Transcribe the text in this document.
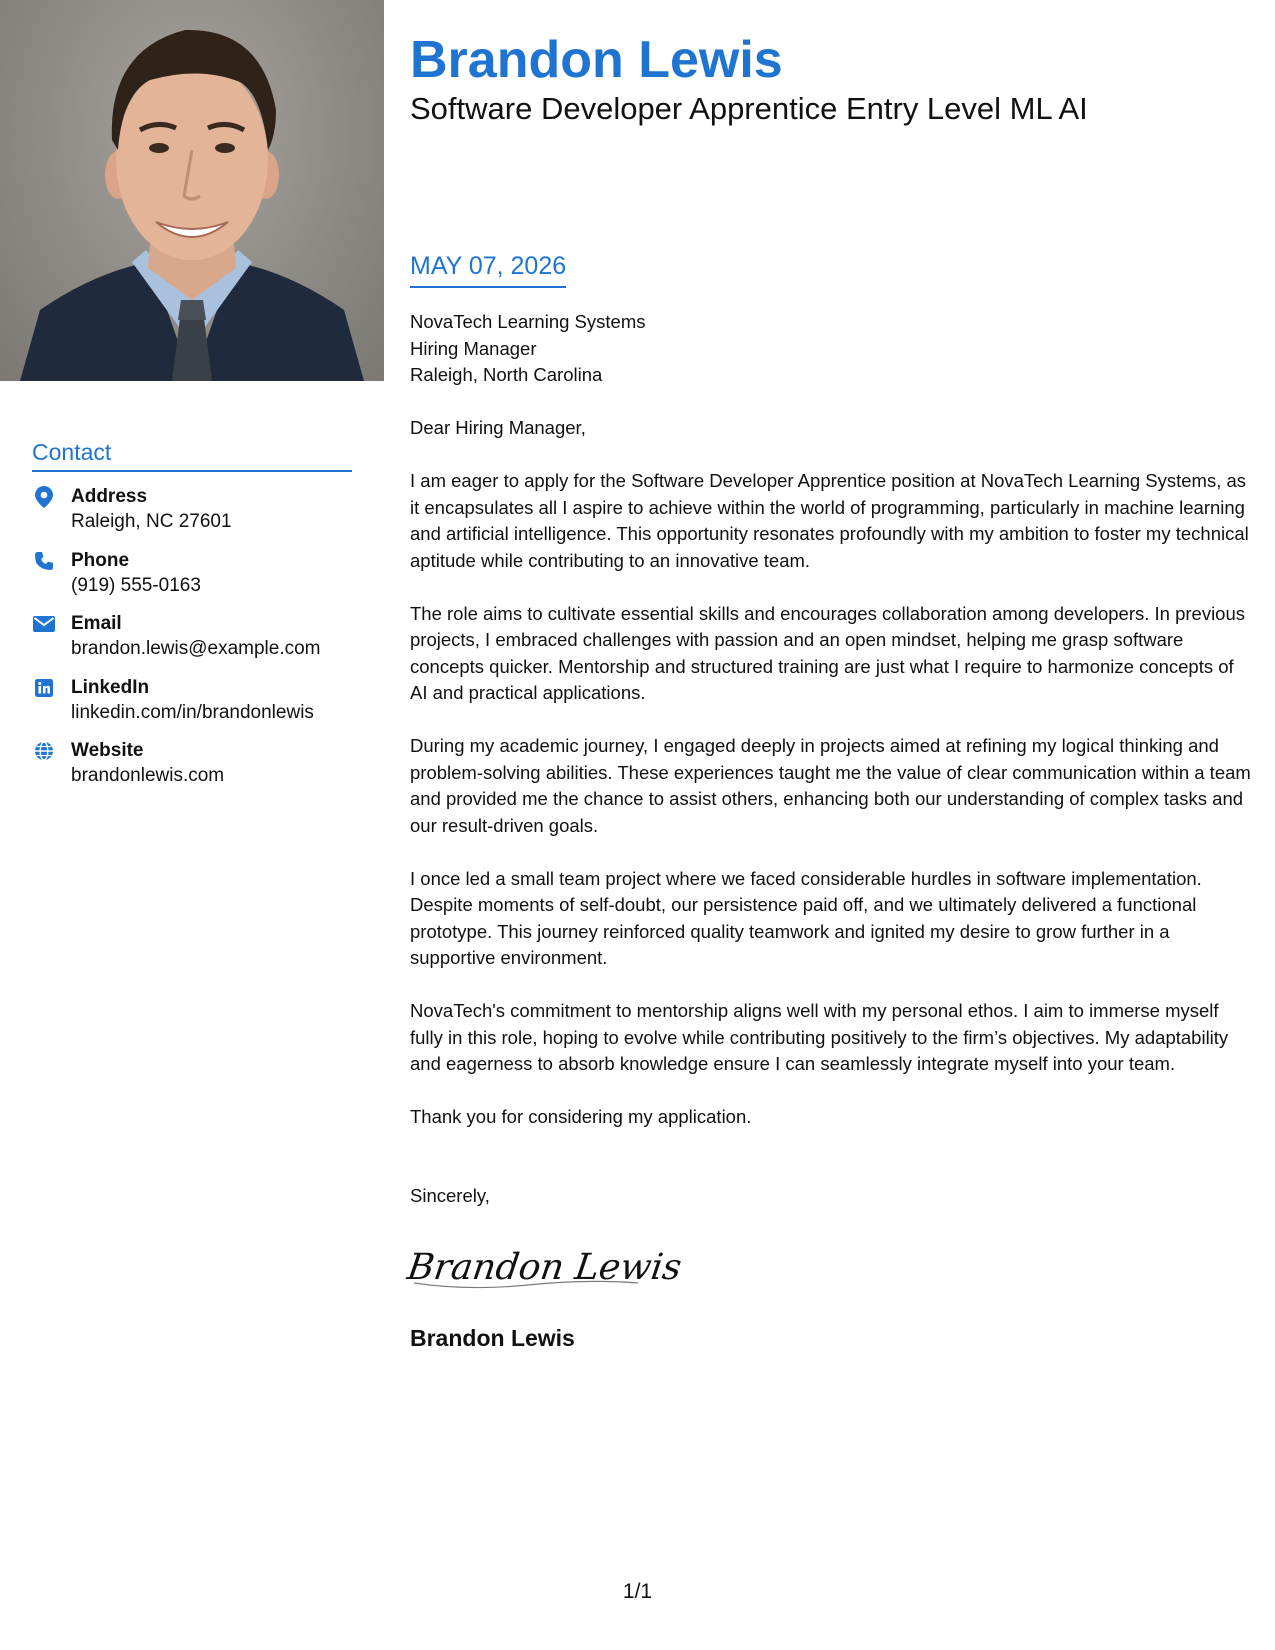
Contact
Address
Raleigh, NC 27601
Phone
(919) 555-0163
Email
brandon.lewis@example.com
LinkedIn
linkedin.com/in/brandonlewis
Website
brandonlewis.com
Brandon Lewis
Software Developer Apprentice Entry Level ML AI
MAY 07, 2026
NovaTech Learning Systems
Hiring Manager
Raleigh, North Carolina

Dear Hiring Manager,

I am eager to apply for the Software Developer Apprentice position at NovaTech Learning Systems, as it encapsulates all I aspire to achieve within the world of programming, particularly in machine learning and artificial intelligence. This opportunity resonates profoundly with my ambition to foster my technical aptitude while contributing to an innovative team.

The role aims to cultivate essential skills and encourages collaboration among developers. In previous projects, I embraced challenges with passion and an open mindset, helping me grasp software concepts quicker. Mentorship and structured training are just what I require to harmonize concepts of AI and practical applications.

During my academic journey, I engaged deeply in projects aimed at refining my logical thinking and problem-solving abilities. These experiences taught me the value of clear communication within a team and provided me the chance to assist others, enhancing both our understanding of complex tasks and our result-driven goals.

I once led a small team project where we faced considerable hurdles in software implementation. Despite moments of self-doubt, our persistence paid off, and we ultimately delivered a functional prototype. This journey reinforced quality teamwork and ignited my desire to grow further in a supportive environment.

NovaTech's commitment to mentorship aligns well with my personal ethos. I aim to immerse myself fully in this role, hoping to evolve while contributing positively to the firm’s objectives. My adaptability and eagerness to absorb knowledge ensure I can seamlessly integrate myself into your team.

Thank you for considering my application.

Sincerely,
Brandon Lewis
Brandon Lewis
1/1
